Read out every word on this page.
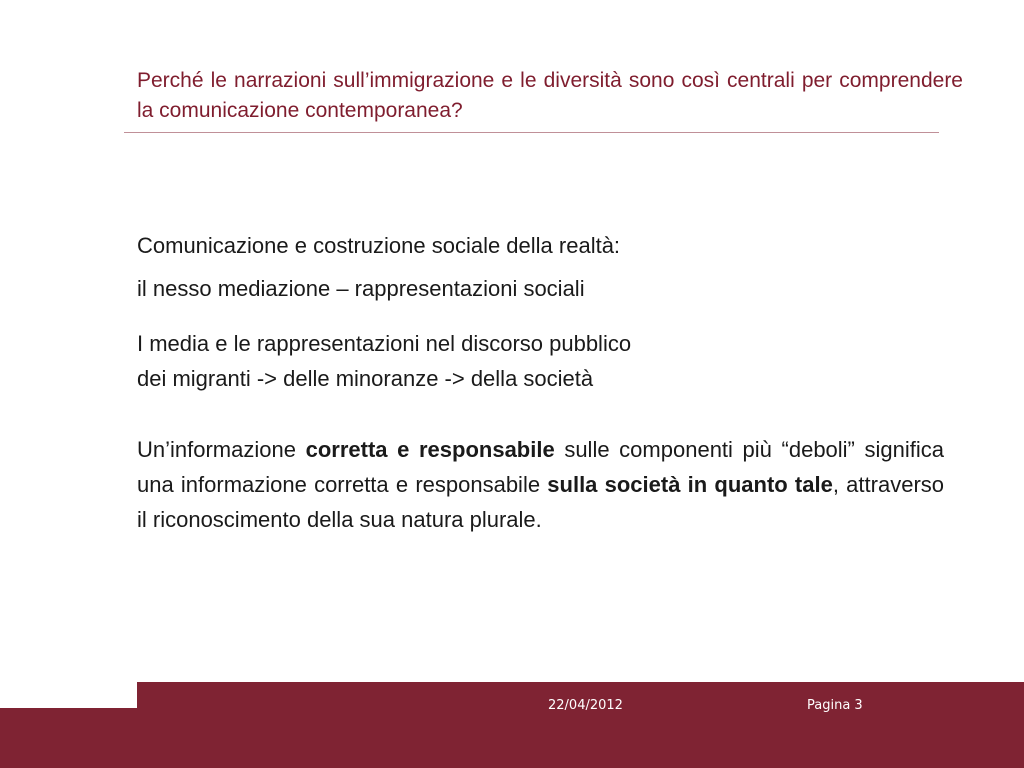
Perché le narrazioni sull’immigrazione e le diversità sono così centrali per comprendere la comunicazione contemporanea?

Comunicazione e costruzione sociale della realtà:

il nesso mediazione – rappresentazioni sociali

I media e le rappresentazioni nel discorso pubblico
dei migranti -> delle minoranze -> della società

Un’informazione corretta e responsabile sulle componenti più “deboli” significa una informazione corretta e responsabile sulla società in quanto tale, attraverso il riconoscimento della sua natura plurale.

22/04/2012	Pagina 3
